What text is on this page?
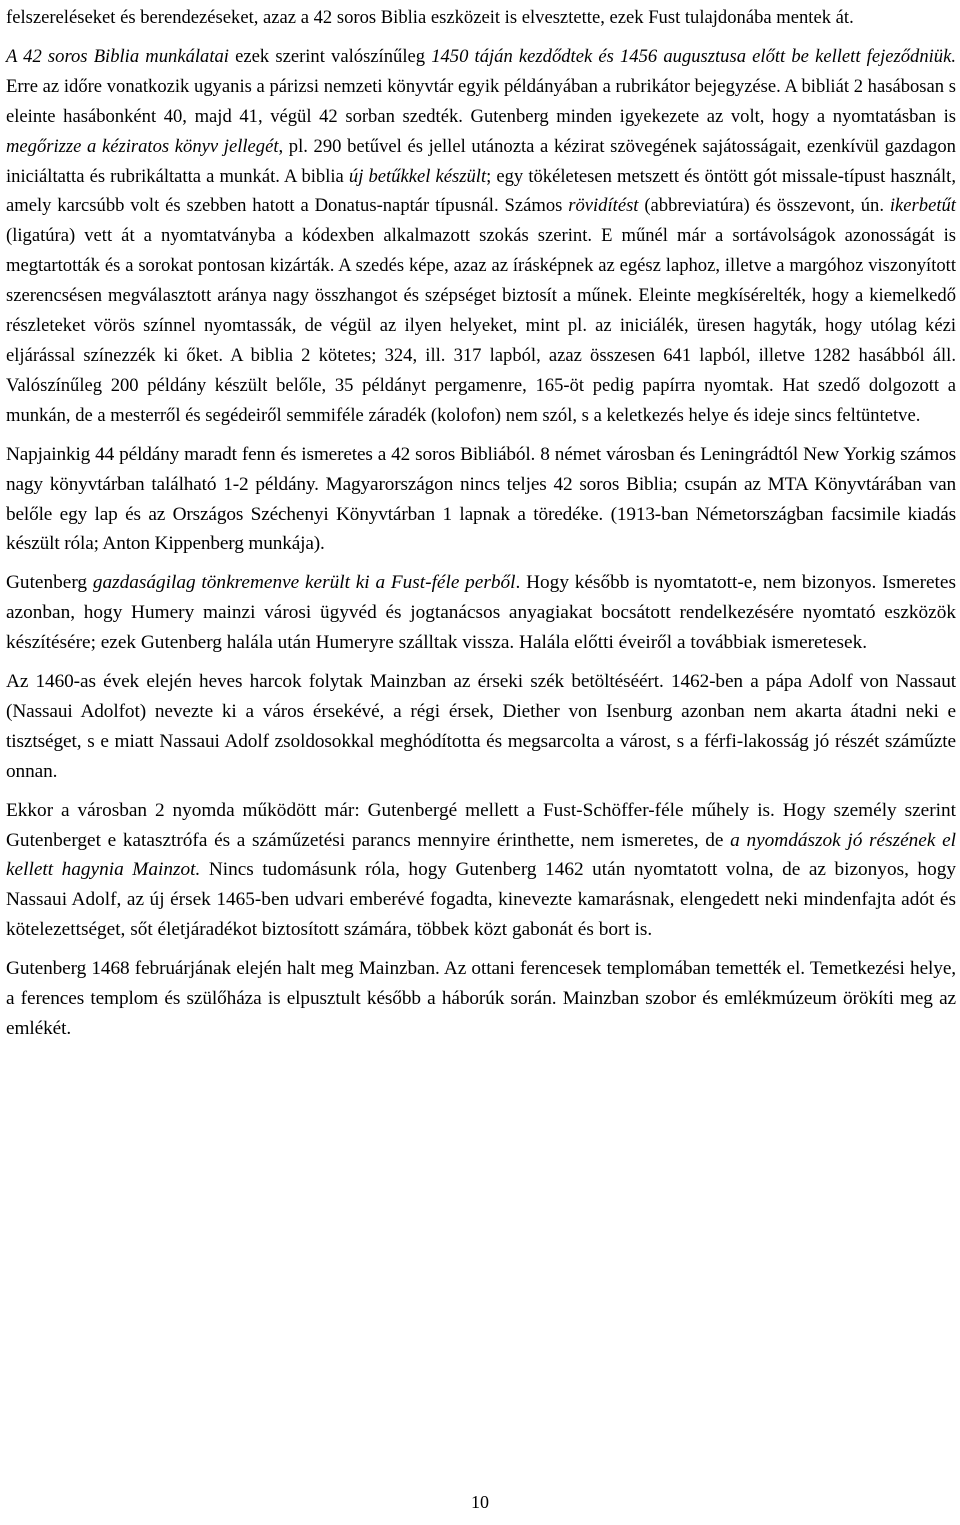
felszereléseket és berendezéseket, azaz a 42 soros Biblia eszközeit is elvesztette, ezek Fust tulajdonába mentek át.

A 42 soros Biblia munkálatai ezek szerint valószínűleg 1450 táján kezdődtek és 1456 augusztusa előtt be kellett fejeződniük. Erre az időre vonatkozik ugyanis a párizsi nemzeti könyvtár egyik példányában a rubrikátor bejegyzése. A bibliát 2 hasábosan s eleinte hasábonként 40, majd 41, végül 42 sorban szedték. Gutenberg minden igyekezete az volt, hogy a nyomtatásban is megőrizze a kéziratos könyv jellegét, pl. 290 betűvel és jellel utánozta a kézirat szövegének sajátosságait, ezenkívül gazdagon iniciáltatta és rubrikáltatta a munkát. A biblia új betűkkel készült; egy tökéletesen metszett és öntött gót missale-típust használt, amely karcsúbb volt és szebben hatott a Donatus-naptár típusnál. Számos rövidítést (abbreviatúra) és összevont, ún. ikerbetűt (ligatúra) vett át a nyomtatványba a kódexben alkalmazott szokás szerint. E műnél már a sortávolságok azonosságát is megtartották és a sorokat pontosan kizárták. A szedés képe, azaz az írásképnek az egész laphoz, illetve a margóhoz viszonyított szerencsésen megválasztott aránya nagy összhangot és szépséget biztosít a műnek. Eleinte megkísérelték, hogy a kiemelkedő részleteket vörös színnel nyomtassák, de végül az ilyen helyeket, mint pl. az iniciálék, üresen hagyták, hogy utólag kézi eljárással színezzék ki őket. A biblia 2 kötetes; 324, ill. 317 lapból, azaz összesen 641 lapból, illetve 1282 hasábból áll. Valószínűleg 200 példány készült belőle, 35 példányt pergamenre, 165-öt pedig papírra nyomtak. Hat szedő dolgozott a munkán, de a mesterről és segédeiről semmiféle záradék (kolofon) nem szól, s a keletkezés helye és ideje sincs feltüntetve.

Napjainkig 44 példány maradt fenn és ismeretes a 42 soros Bibliából. 8 német városban és Leningrádtól New Yorkig számos nagy könyvtárban található 1-2 példány. Magyarországon nincs teljes 42 soros Biblia; csupán az MTA Könyvtárában van belőle egy lap és az Országos Széchenyi Könyvtárban 1 lapnak a töredéke. (1913-ban Németországban facsimile kiadás készült róla; Anton Kippenberg munkája).

Gutenberg gazdaságilag tönkremenve került ki a Fust-féle perből. Hogy később is nyomtatott-e, nem bizonyos. Ismeretes azonban, hogy Humery mainzi városi ügyvéd és jogtanácsos anyagiakat bocsátott rendelkezésére nyomtató eszközök készítésére; ezek Gutenberg halála után Humeryre szálltak vissza. Halála előtti éveiről a továbbiak ismeretesek.

Az 1460-as évek elején heves harcok folytak Mainzban az érseki szék betöltéséért. 1462-ben a pápa Adolf von Nassaut (Nassaui Adolfot) nevezte ki a város érsekévé, a régi érsek, Diether von Isenburg azonban nem akarta átadni neki e tisztséget, s e miatt Nassaui Adolf zsoldosokkal meghódította és megsarcolta a várost, s a férfi-lakosság jó részét száműzte onnan.

Ekkor a városban 2 nyomda működött már: Gutenbergé mellett a Fust-Schöffer-féle műhely is. Hogy személy szerint Gutenberget e katasztrófa és a száműzetési parancs mennyire érinthette, nem ismeretes, de a nyomdászok jó részének el kellett hagynia Mainzot. Nincs tudomásunk róla, hogy Gutenberg 1462 után nyomtatott volna, de az bizonyos, hogy Nassaui Adolf, az új érsek 1465-ben udvari emberévé fogadta, kinevezte kamarásnak, elengedett neki mindenfajta adót és kötelezettséget, sőt életjáradékot biztosított számára, többek közt gabonát és bort is.

Gutenberg 1468 februárjának elején halt meg Mainzban. Az ottani ferencesek templomában temették el. Temetkezési helye, a ferences templom és szülőháza is elpusztult később a háborúk során. Mainzban szobor és emlékmúzeum örökíti meg az emlékét.

10
